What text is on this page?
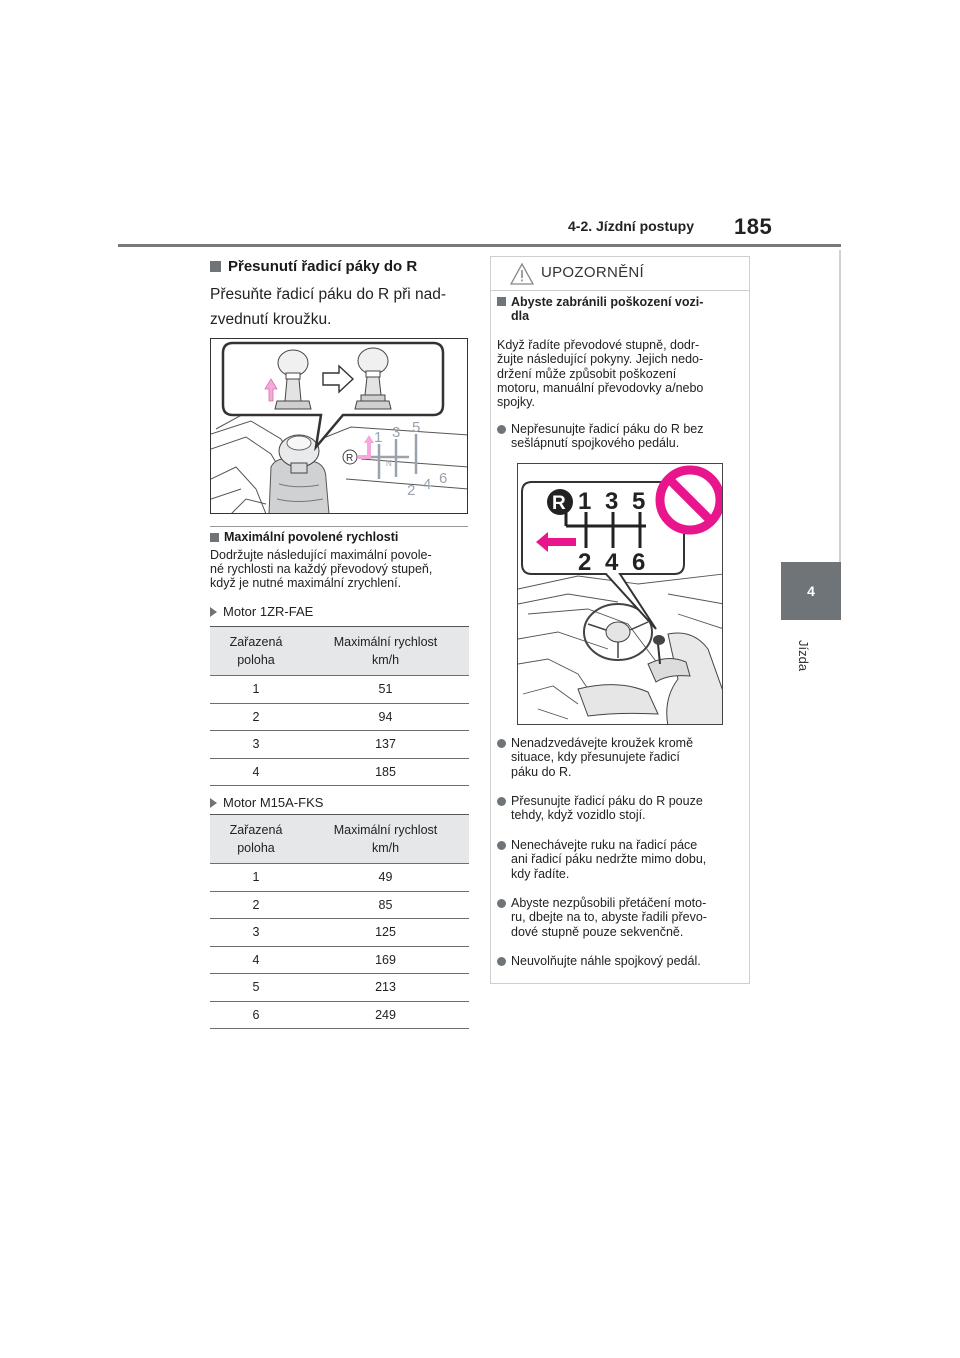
4-2. Jízdní postupy 185
4
Jízda
Přesunutí řadicí páky do R
Přesuňte řadicí páku do R při nad-
zvednutí kroužku.
1 3 5
2 4 6
R	N
Maximální povolené rychlosti
Dodržujte následující maximální povole-
né rychlosti na každý převodový stupeň,
když je nutné maximální zrychlení.
Motor 1ZR-FAE
Zařazená
poloha	Maximální rychlost
km/h
1	51
2	94
3	137
4	185
Motor M15A-FKS
Zařazená
poloha	Maximální rychlost
km/h
1	49
2	85
3	125
4	169
5	213
6	249
UPOZORNĚNÍ
Abyste zabránili poškození vozi-
dla
Když řadíte převodové stupně, dodr-
žujte následující pokyny. Jejich nedo-
držení může způsobit poškození
motoru, manuální převodovky a/nebo
spojky.
Nepřesunujte řadicí páku do R bez
sešlápnutí spojkového pedálu.
Nenadzvedávejte kroužek kromě
situace, kdy přesunujete řadicí
páku do R.
Přesunujte řadicí páku do R pouze
tehdy, když vozidlo stojí.
Nenechávejte ruku na řadicí páce
ani řadicí páku nedržte mimo dobu,
kdy řadíte.
Abyste nezpůsobili přetáčení moto-
ru, dbejte na to, abyste řadili převo-
dové stupně pouze sekvenčně.
Neuvolňujte náhle spojkový pedál.
R 1 3 5
2 4 6
